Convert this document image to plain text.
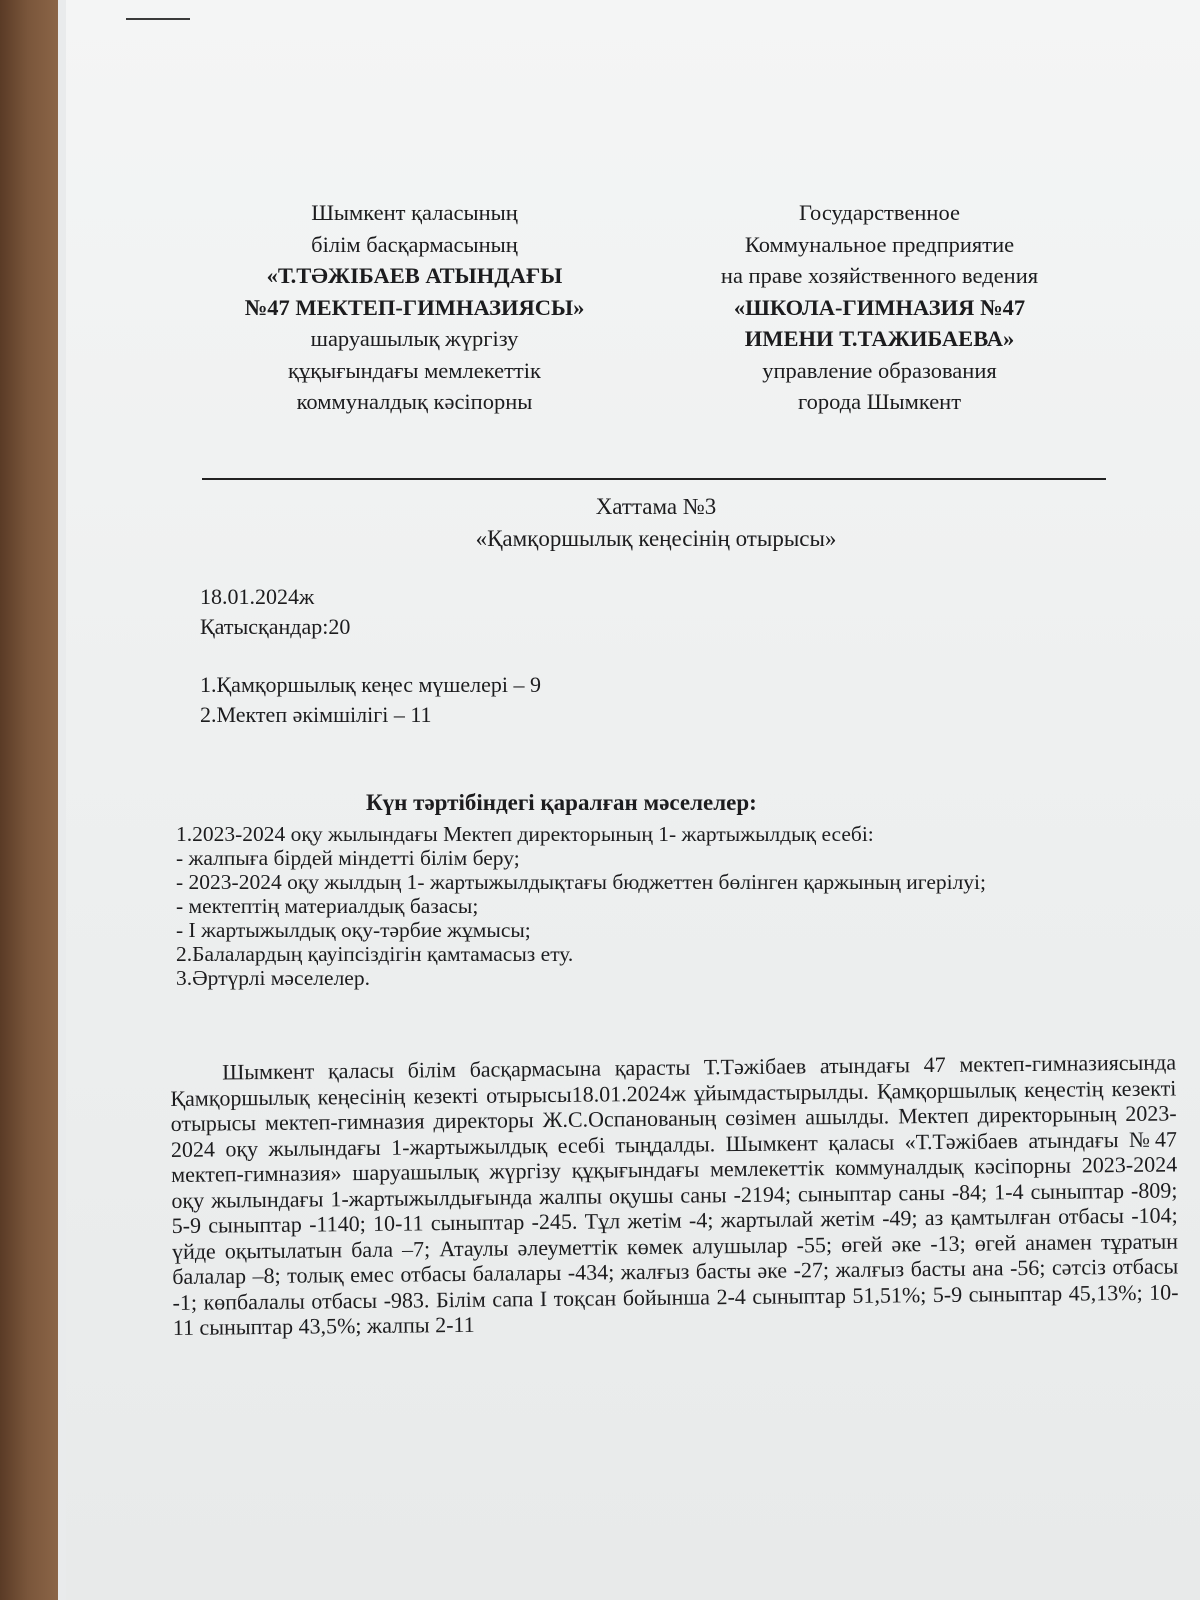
Шымкент қаласының
білім басқармасының
«Т.ТӘЖІБАЕВ АТЫНДАҒЫ
№47 МЕКТЕП-ГИМНАЗИЯСЫ»
шаруашылық жүргізу
құқығындағы мемлекеттік
коммуналдық кәсіпорны
Государственное
Коммунальное предприятие
на праве хозяйственного ведения
«ШКОЛА-ГИМНАЗИЯ №47
ИМЕНИ Т.ТАЖИБАЕВА»
управление образования
города Шымкент
Хаттама №3
«Қамқоршылық кеңесінің отырысы»
18.01.2024ж
Қатысқандар:20
1.Қамқоршылық кеңес мүшелері – 9
2.Мектеп әкімшілігі – 11
Күн тәртібіндегі қаралған мәселелер:
1.2023-2024 оқу жылындағы Мектеп директорының 1- жартыжылдық есебі:
- жалпыға бірдей міндетті білім беру;
- 2023-2024 оқу жылдың 1- жартыжылдықтағы бюджеттен бөлінген қаржының игерілуі;
- мектептің материалдық базасы;
- I жартыжылдық оқу-тәрбие жұмысы;
2.Балалардың қауіпсіздігін қамтамасыз ету.
3.Әртүрлі мәселелер.
Шымкент қаласы білім басқармасына қарасты Т.Тәжібаев атындағы 47 мектеп-гимназиясында Қамқоршылық кеңесінің кезекті отырысы18.01.2024ж ұйымдастырылды. Қамқоршылық кеңестің кезекті отырысы мектеп-гимназия директоры Ж.С.Оспанованың сөзімен ашылды. Мектеп директорының 2023-2024 оқу жылындағы 1-жартыжылдық есебі тыңдалды. Шымкент қаласы «Т.Тәжібаев атындағы №47 мектеп-гимназия» шаруашылық жүргізу құқығындағы мемлекеттік коммуналдық кәсіпорны 2023-2024 оқу жылындағы 1-жартыжылдығында жалпы оқушы саны -2194; сыныптар саны -84; 1-4 сыныптар -809; 5-9 сыныптар -1140; 10-11 сыныптар -245. Тұл жетім -4; жартылай жетім -49; аз қамтылған отбасы -104; үйде оқытылатын бала –7; Атаулы әлеуметтік көмек алушылар -55; өгей әке -13; өгей анамен тұратын балалар –8; толық емес отбасы балалары -434; жалғыз басты әке -27; жалғыз басты ана -56; сәтсіз отбасы -1; көпбалалы отбасы -983. Білім сапа I тоқсан бойынша 2-4 сыныптар 51,51%; 5-9 сыныптар 45,13%; 10-11 сыныптар 43,5%; жалпы 2-11
